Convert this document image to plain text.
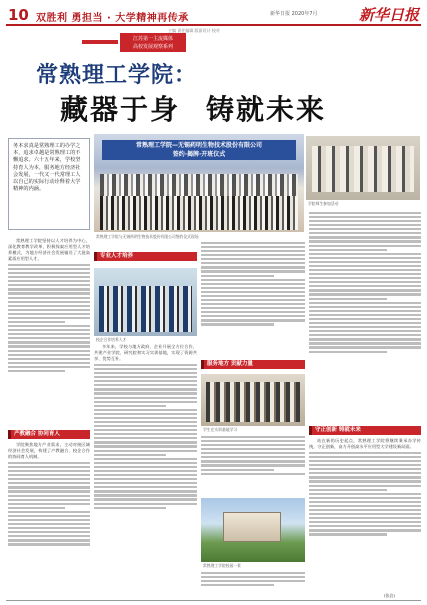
10 双胜利 勇担当 · 大学精神再传承	新华日报 2020年7月	新华日报
主编 责任编辑 版面设计 校对
江苏第一主流媒体
高校发展观察系列
常熟理工学院：
藏器于身 铸就未来
务本求真是常熟理工的办学之本，追求卓越是常熟理工的不懈追求。六十五年来，学校坚持育人为本，服务地方经济社会发展，一代又一代常理工人以自己的实际行动诠释着大学精神的内涵。
常熟理工学院—无锡药明生物技术股份有限公司
签约·揭牌·开班仪式
常熟理工学院与无锡药明生物技术股份有限公司签约仪式现场
学院师生参加活动

常熟理工学院坚持以人才培养为中心，深化教育教学改革，积极探索应用型人才培养模式，为地方经济社会发展输送了大批高素质应用型人才。

产教融合 协同育人

学院聚焦地方产业需求，主动对接区域经济社会发展，构建了产教融合、校企合作的协同育人机制。

专业人才培养
校企合作培养人才

多年来，学校与地方政府、企业开展全方位合作，共建产业学院、研究院和实习实训基地，实现了资源共享、优势互补。

服务地方 贡献力量
学生在实训基地学习
常熟理工学院校园一景
守正创新 铸就未来

站在新的历史起点，常熟理工学院将继续秉承办学传统，守正创新，奋力开创高水平应用型大学建设新局面。

(张岩)
